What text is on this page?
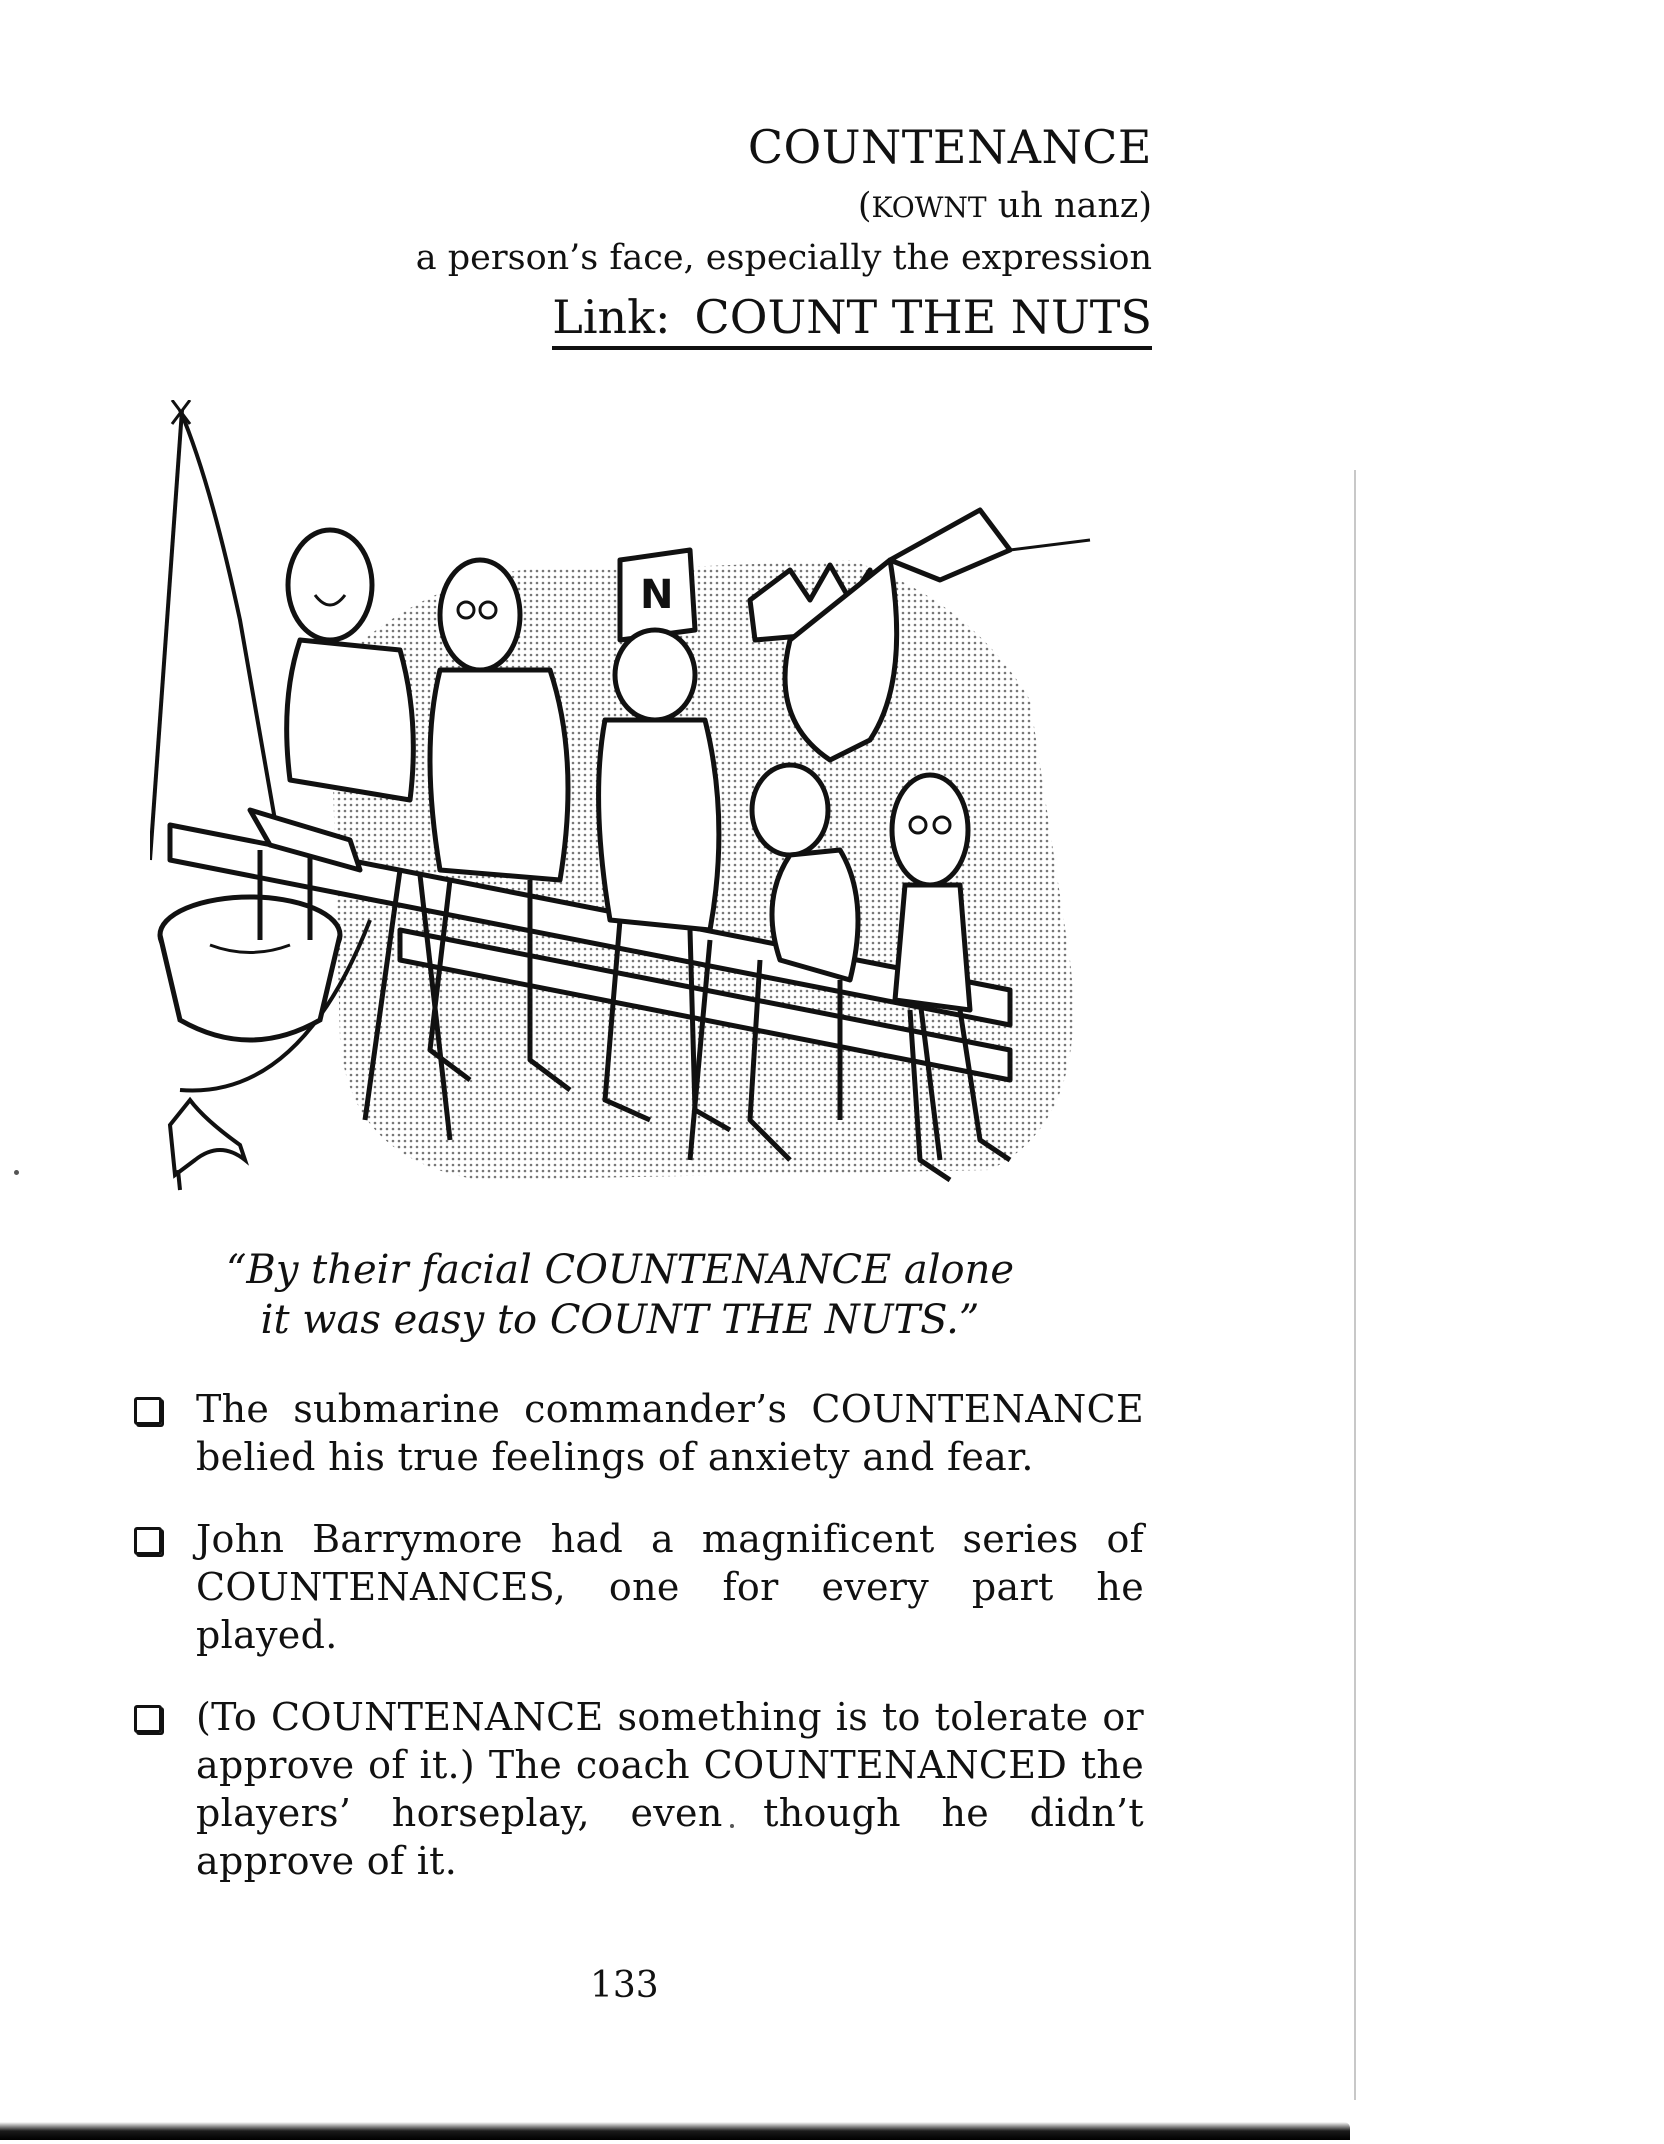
COUNTENANCE
(KOWNT uh nanz)
a person’s face, especially the expression
Link: COUNT THE NUTS
N
“By their facial COUNTENANCE alone
it was easy to COUNT THE NUTS.”
The submarine commander’s COUNTENANCE belied his true feelings of anxiety and fear.
John Barrymore had a magnificent series of COUNTENANCES, one for every part he played.
(To COUNTENANCE something is to tolerate or approve of it.) The coach COUNTENANCED the players’ horseplay, even though he didn’t approve of it.
133
